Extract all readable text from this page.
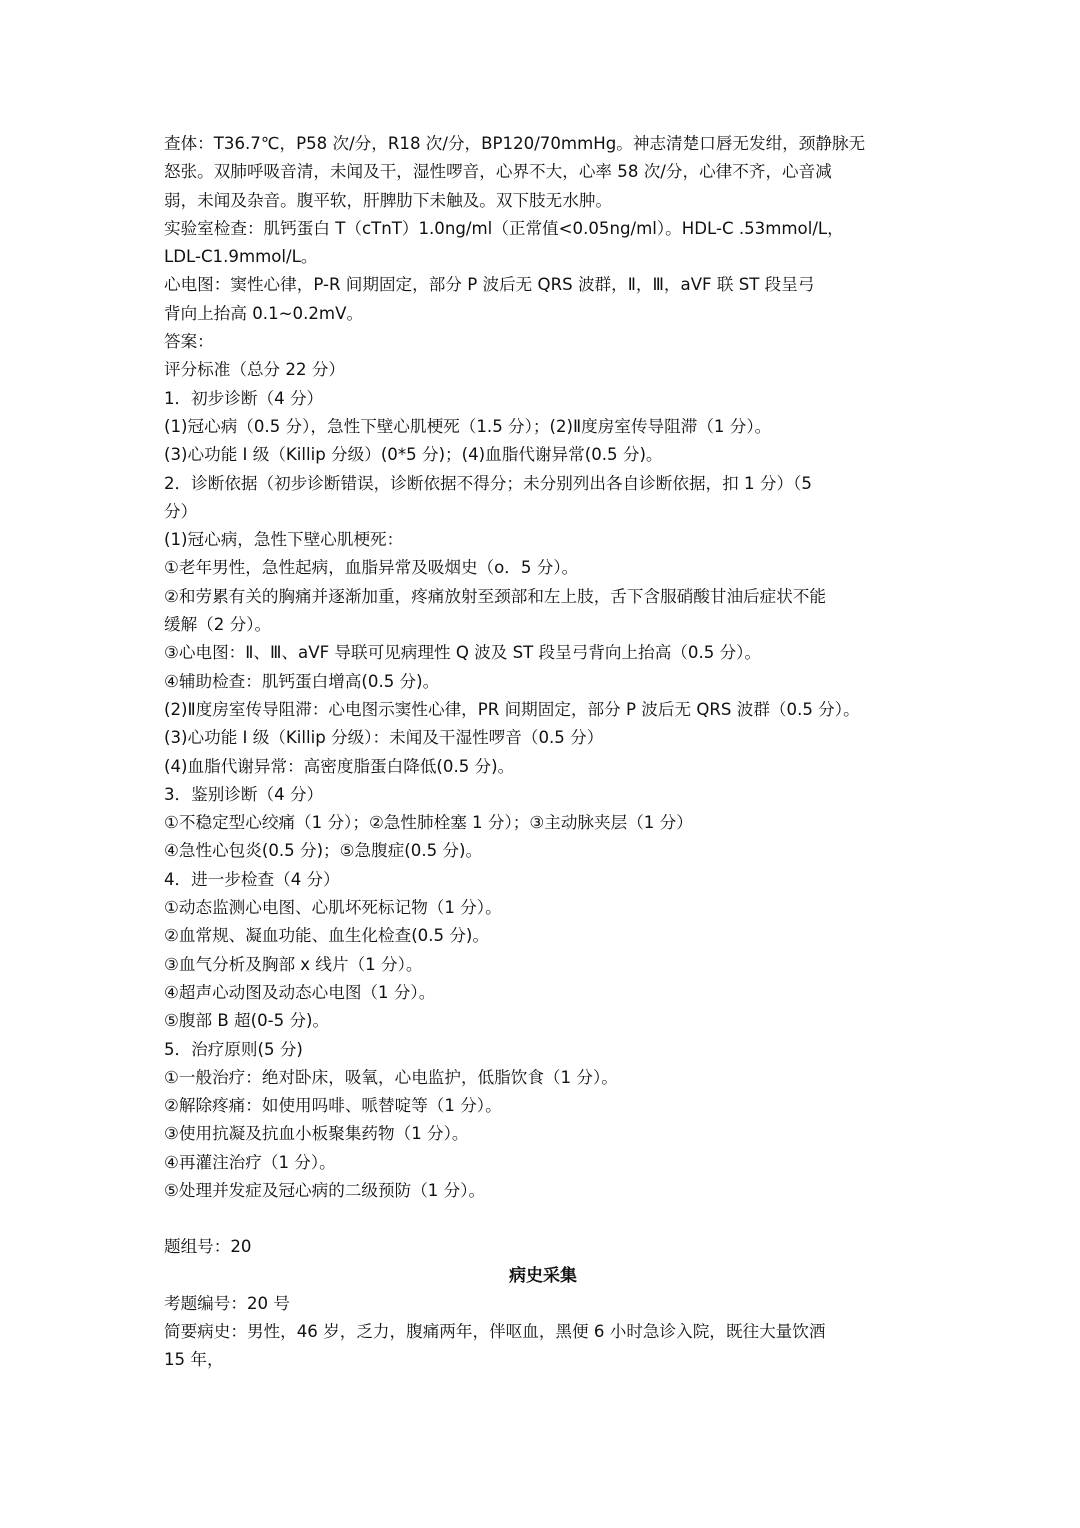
查体：T36.7℃，P58 次/分，R18 次/分，BP120/70mmHg。神志清楚口唇无发绀，颈静脉无

怒张。双肺呼吸音清，未闻及干，湿性啰音，心界不大，心率 58 次/分，心律不齐，心音减

弱，未闻及杂音。腹平软，肝脾肋下未触及。双下肢无水肿。

实验室检查：肌钙蛋白 T（cTnT）1.0ng/ml（正常值<0.05ng/ml）。HDL-C .53mmol/L，

LDL-C1.9mmol/L。

心电图：窦性心律，P-R 间期固定，部分 P 波后无 QRS 波群，Ⅱ，Ⅲ，aVF 联 ST 段呈弓

背向上抬高 0.1~0.2mV。

答案：

评分标准（总分 22 分）

1．初步诊断（4 分）

(1)冠心病（0.5 分），急性下壁心肌梗死（1.5 分）；(2)Ⅱ度房室传导阻滞（1 分）。

(3)心功能 I 级（Killip 分级）(0*5 分)；(4)血脂代谢异常(0.5 分)。

2．诊断依据（初步诊断错误，诊断依据不得分；未分别列出各自诊断依据，扣 1 分）（5

分）

(1)冠心病，急性下壁心肌梗死：

①老年男性，急性起病，血脂异常及吸烟史（o．5 分）。

②和劳累有关的胸痛并逐渐加重，疼痛放射至颈部和左上肢，舌下含服硝酸甘油后症状不能

缓解（2 分）。

③心电图：Ⅱ、Ⅲ、aVF 导联可见病理性 Q 波及 ST 段呈弓背向上抬高（0.5 分）。

④辅助检查：肌钙蛋白增高(0.5 分)。

(2)Ⅱ度房室传导阻滞：心电图示窦性心律，PR 间期固定，部分 P 波后无 QRS 波群（0.5 分）。

(3)心功能 I 级（Killip 分级）：未闻及干湿性啰音（0.5 分）

(4)血脂代谢异常：高密度脂蛋白降低(0.5 分)。

3．鉴别诊断（4 分）

①不稳定型心绞痛（1 分）；②急性肺栓塞 1 分）；③主动脉夹层（1 分）

④急性心包炎(0.5 分)；⑤急腹症(0.5 分)。

4．进一步检查（4 分）

①动态监测心电图、心肌坏死标记物（1 分）。

②血常规、凝血功能、血生化检查(0.5 分)。

③血气分析及胸部 x 线片（1 分）。

④超声心动图及动态心电图（1 分）。

⑤腹部 B 超(0-5 分)。

5．治疗原则(5 分)

①一般治疗：绝对卧床，吸氧，心电监护，低脂饮食（1 分）。

②解除疼痛：如使用吗啡、哌替啶等（1 分）。

③使用抗凝及抗血小板聚集药物（1 分）。

④再灌注治疗（1 分）。

⑤处理并发症及冠心病的二级预防（1 分）。

题组号：20

病史采集

考题编号：20 号

简要病史：男性，46 岁，乏力，腹痛两年，伴呕血，黑便 6 小时急诊入院，既往大量饮酒

15 年，
